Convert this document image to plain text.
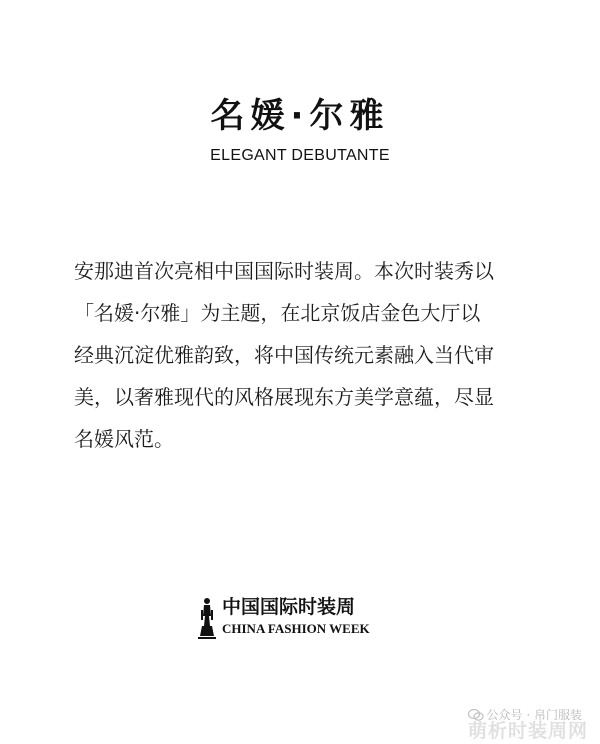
名媛·尔雅
ELEGANT DEBUTANTE

安那迪首次亮相中国国际时装周。本次时装秀以
「名媛·尔雅」为主题，在北京饭店金色大厅以
经典沉淀优雅韵致，将中国传统元素融入当代审
美，以奢雅现代的风格展现东方美学意蕴，尽显
名媛风范。

中国国际时装周
CHINA FASHION WEEK
公众号 · 帛门服装
萌析时装周网
